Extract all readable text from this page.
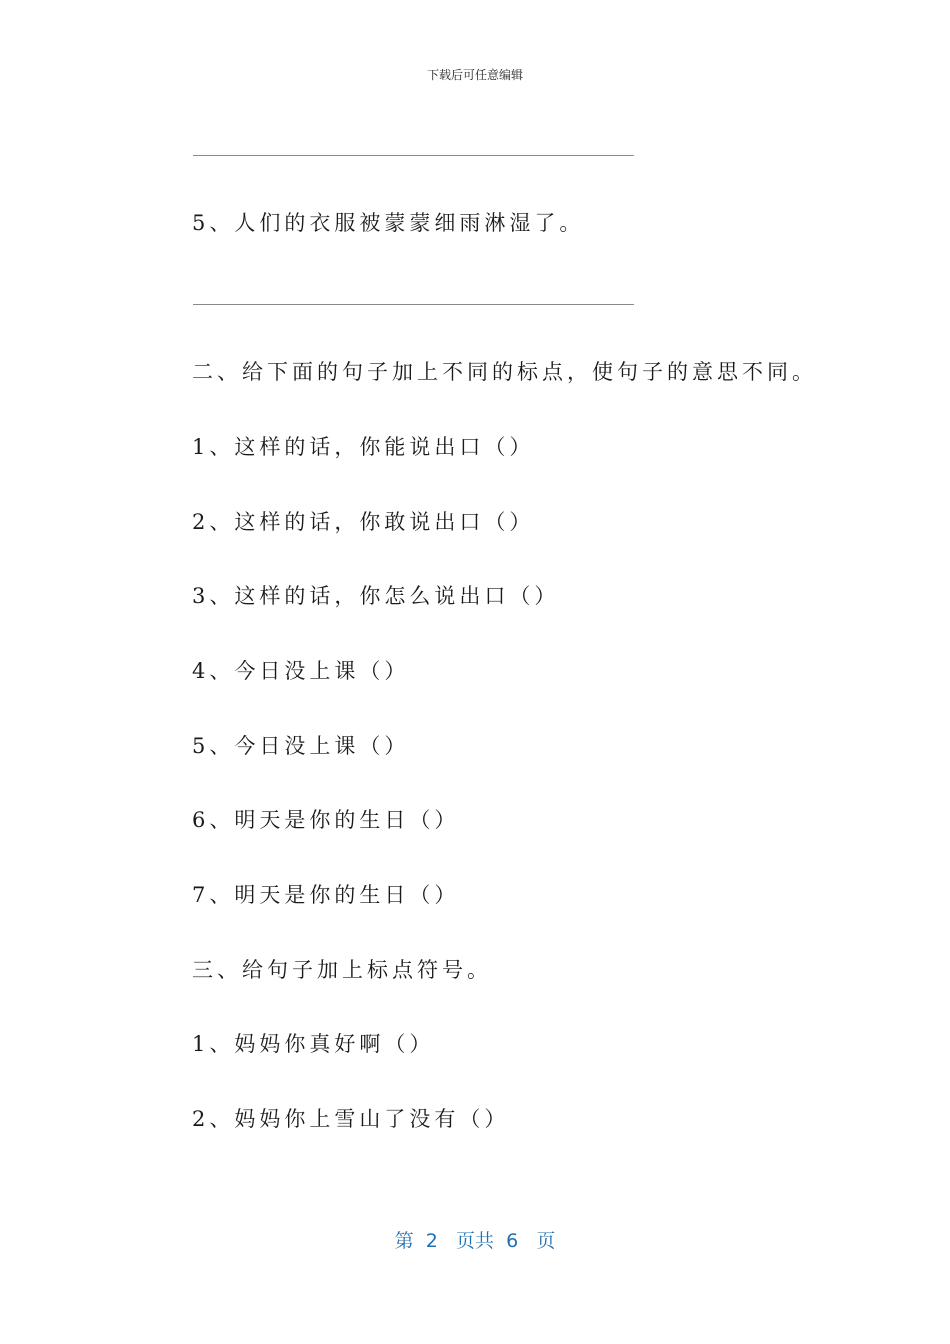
下载后可任意编辑
5、人们的衣服被蒙蒙细雨淋湿了。
二、给下面的句子加上不同的标点，使句子的意思不同。
1、这样的话，你能说出口（）
2、这样的话，你敢说出口（）
3、这样的话，你怎么说出口（）
4、今日没上课（）
5、今日没上课（）
6、明天是你的生日（）
7、明天是你的生日（）
三、给句子加上标点符号。
1、妈妈你真好啊（）
2、妈妈你上雪山了没有（）
第 2 页共 6 页
